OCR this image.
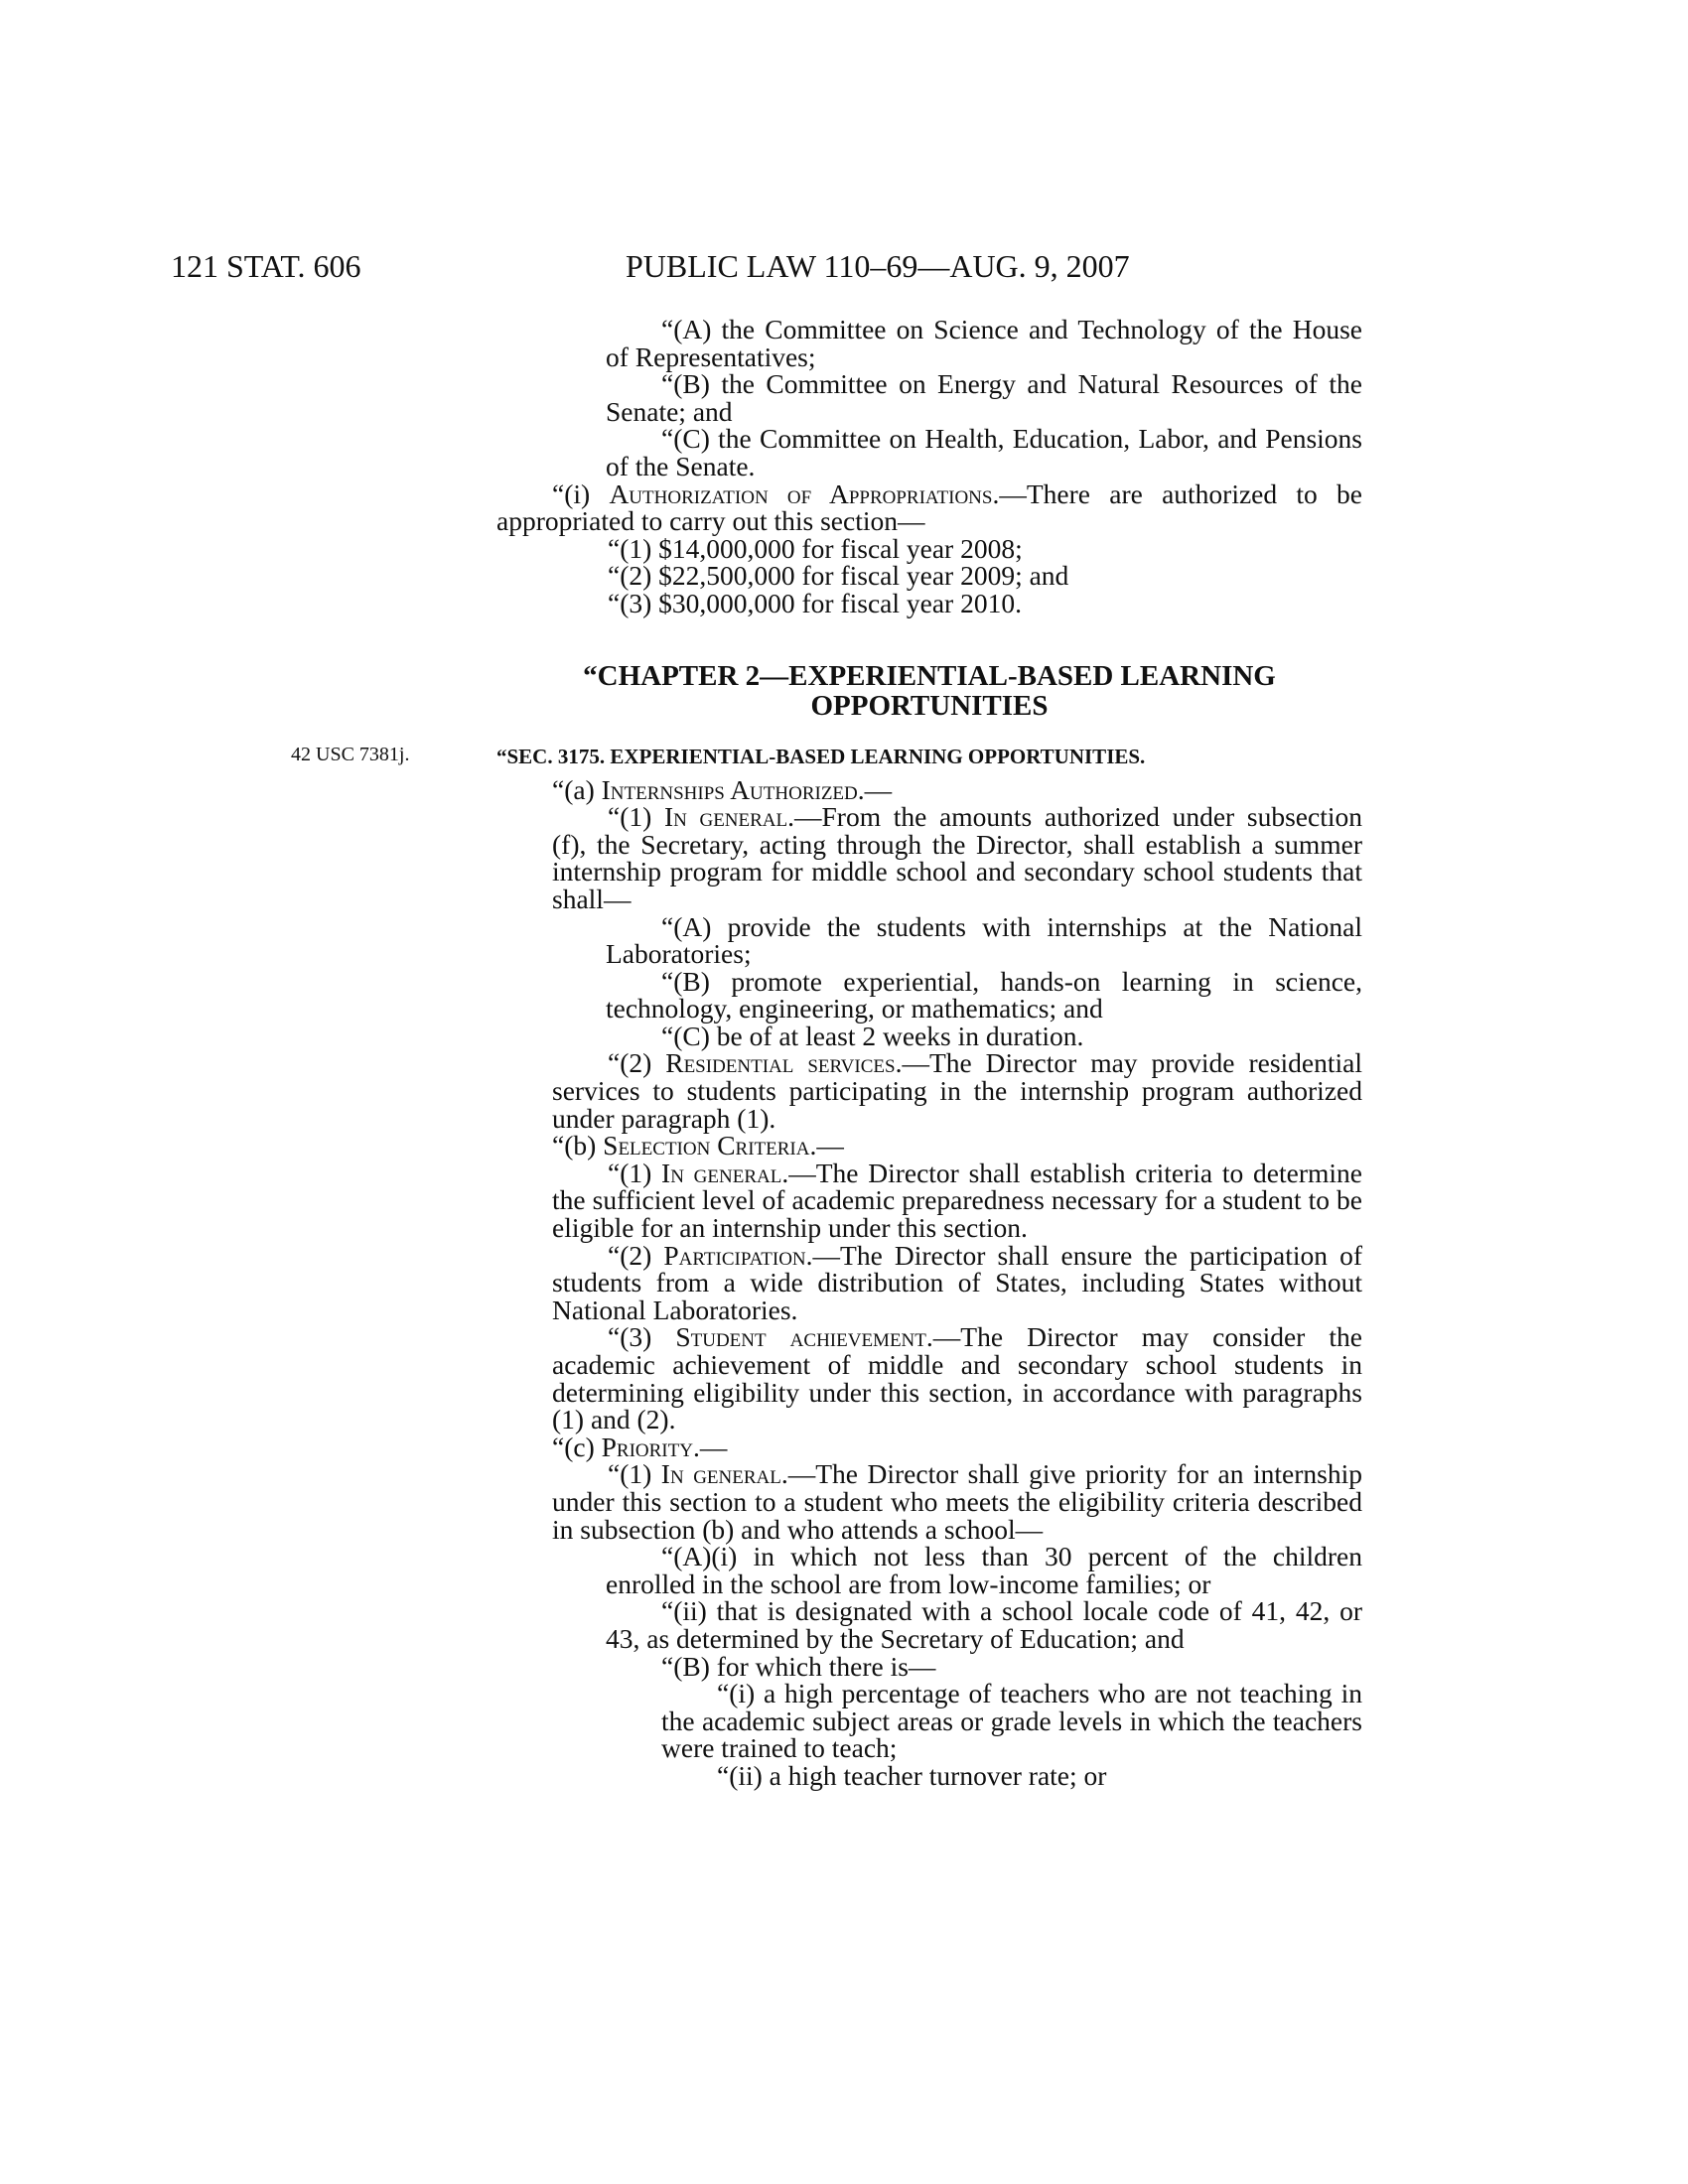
121 STAT. 606	PUBLIC LAW 110–69—AUG. 9, 2007
42 USC 7381j.

“(A) the Committee on Science and Technology of the House of Representatives;

“(B) the Committee on Energy and Natural Resources of the Senate; and

“(C) the Committee on Health, Education, Labor, and Pensions of the Senate.

“(i) Authorization of Appropriations.—There are authorized to be appropriated to carry out this section—

“(1) $14,000,000 for fiscal year 2008;

“(2) $22,500,000 for fiscal year 2009; and

“(3) $30,000,000 for fiscal year 2010.

“CHAPTER 2—EXPERIENTIAL-BASED LEARNING OPPORTUNITIES
“SEC. 3175. EXPERIENTIAL-BASED LEARNING OPPORTUNITIES.

“(a) Internships Authorized.—

“(1) In general.—From the amounts authorized under subsection (f), the Secretary, acting through the Director, shall establish a summer internship program for middle school and secondary school students that shall—

“(A) provide the students with internships at the National Laboratories;

“(B) promote experiential, hands-on learning in science, technology, engineering, or mathematics; and

“(C) be of at least 2 weeks in duration.

“(2) Residential services.—The Director may provide residential services to students participating in the internship program authorized under paragraph (1).

“(b) Selection Criteria.—

“(1) In general.—The Director shall establish criteria to determine the sufficient level of academic preparedness necessary for a student to be eligible for an internship under this section.

“(2) Participation.—The Director shall ensure the participation of students from a wide distribution of States, including States without National Laboratories.

“(3) Student achievement.—The Director may consider the academic achievement of middle and secondary school students in determining eligibility under this section, in accordance with paragraphs (1) and (2).

“(c) Priority.—

“(1) In general.—The Director shall give priority for an internship under this section to a student who meets the eligibility criteria described in subsection (b) and who attends a school—

“(A)(i) in which not less than 30 percent of the children enrolled in the school are from low-income families; or

“(ii) that is designated with a school locale code of 41, 42, or 43, as determined by the Secretary of Education; and

“(B) for which there is—

“(i) a high percentage of teachers who are not teaching in the academic subject areas or grade levels in which the teachers were trained to teach;

“(ii) a high teacher turnover rate; or
